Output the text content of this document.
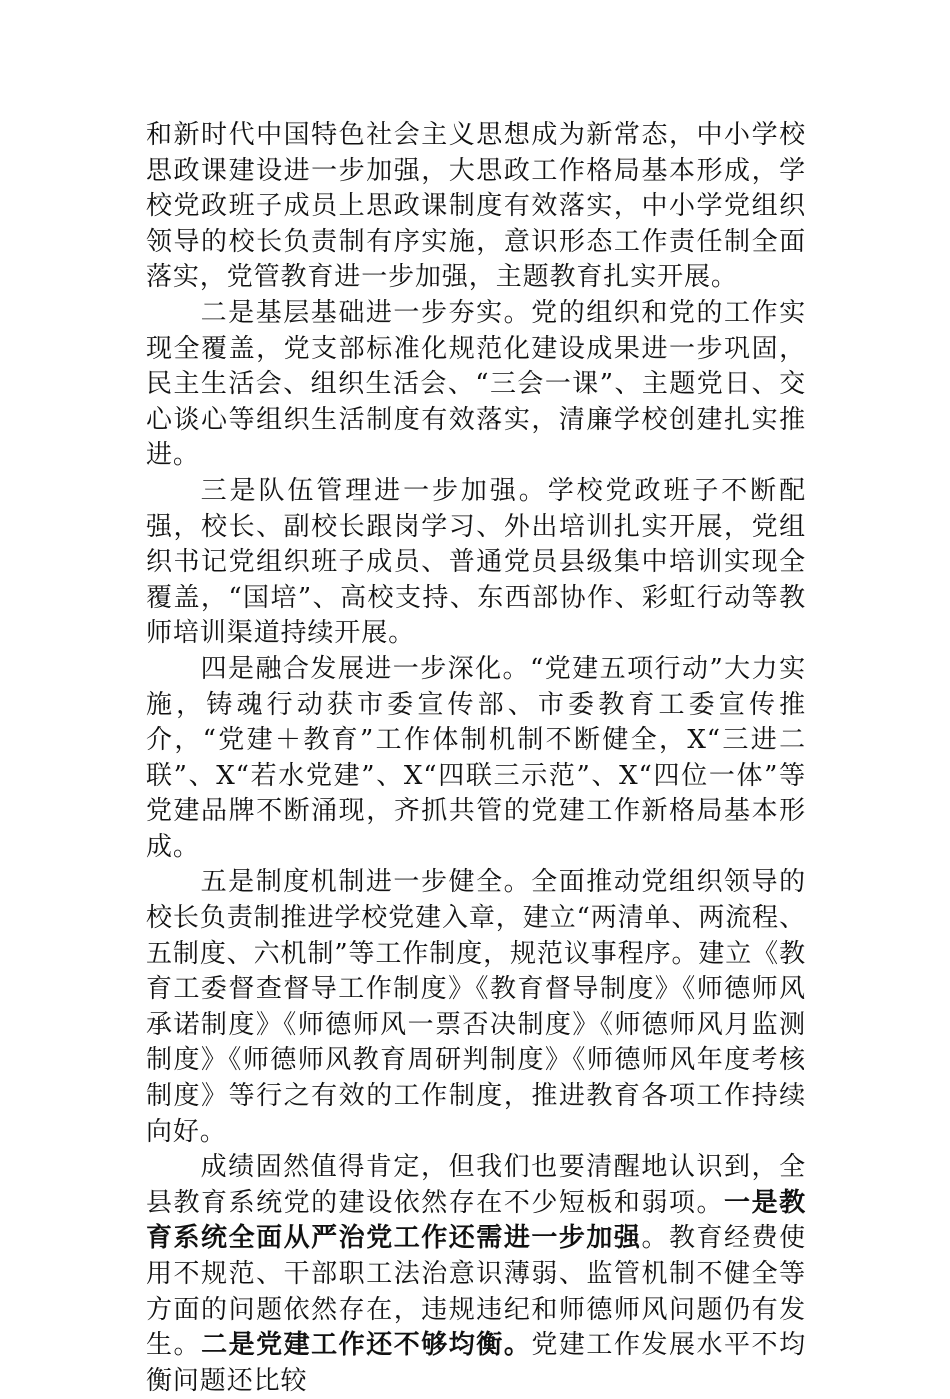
和新时代中国特色社会主义思想成为新常态，中小学校思政课建设进一步加强，大思政工作格局基本形成，学校党政班子成员上思政课制度有效落实，中小学党组织领导的校长负责制有序实施，意识形态工作责任制全面落实，党管教育进一步加强，主题教育扎实开展。

二是基层基础进一步夯实。党的组织和党的工作实现全覆盖，党支部标准化规范化建设成果进一步巩固，民主生活会、组织生活会、“三会一课”、主题党日、交心谈心等组织生活制度有效落实，清廉学校创建扎实推进。

三是队伍管理进一步加强。学校党政班子不断配强，校长、副校长跟岗学习、外出培训扎实开展，党组织书记党组织班子成员、普通党员县级集中培训实现全覆盖，“国培”、高校支持、东西部协作、彩虹行动等教师培训渠道持续开展。

四是融合发展进一步深化。“党建五项行动”大力实施，铸魂行动获市委宣传部、市委教育工委宣传推介，“党建＋教育”工作体制机制不断健全，X“三进二联”、X“若水党建”、X“四联三示范”、X“四位一体”等党建品牌不断涌现，齐抓共管的党建工作新格局基本形成。

五是制度机制进一步健全。全面推动党组织领导的校长负责制推进学校党建入章，建立“两清单、两流程、五制度、六机制”等工作制度，规范议事程序。建立《教育工委督查督导工作制度》《教育督导制度》《师德师风承诺制度》《师德师风一票否决制度》《师德师风月监测制度》《师德师风教育周研判制度》《师德师风年度考核制度》等行之有效的工作制度，推进教育各项工作持续向好。

成绩固然值得肯定，但我们也要清醒地认识到，全县教育系统党的建设依然存在不少短板和弱项。一是教育系统全面从严治党工作还需进一步加强。教育经费使用不规范、干部职工法治意识薄弱、监管机制不健全等方面的问题依然存在，违规违纪和师德师风问题仍有发生。二是党建工作还不够均衡。党建工作发展水平不均衡问题还比较
